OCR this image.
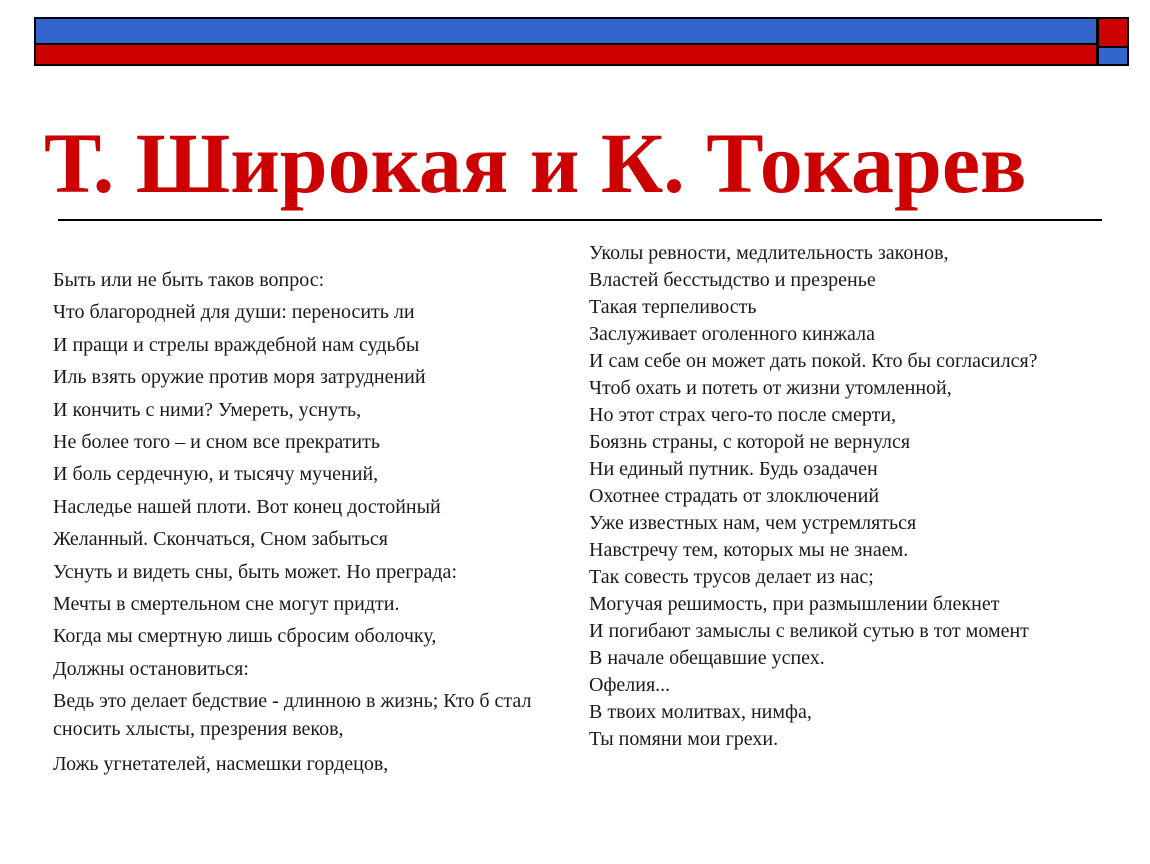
Т. Широкая и К. Токарев
Быть или не быть таков вопрос:
Что благородней для души: переносить ли
И пращи и стрелы враждебной нам судьбы
Иль взять оружие против моря затруднений
И кончить с ними? Умереть, уснуть,
Не более того – и сном все прекратить
И боль сердечную, и тысячу мучений,
Наследье нашей плоти. Вот конец достойный
Желанный. Скончаться, Сном забыться
Уснуть и видеть сны, быть может. Но преграда:
Мечты в смертельном сне могут придти.
Когда мы смертную лишь сбросим оболочку,
Должны остановиться:
Ведь это делает бедствие - длинною в жизнь; Кто б стал сносить хлысты, презрения веков,
Ложь угнетателей, насмешки гордецов,
Уколы ревности, медлительность законов,
Властей бесстыдство и презренье
Такая терпеливость
Заслуживает оголенного кинжала
И сам себе он может дать покой. Кто бы согласился?
Чтоб охать и потеть от жизни утомленной,
Но этот страх чего-то после смерти,
Боязнь страны, с которой не вернулся
Ни единый путник. Будь озадачен
Охотнее страдать от злоключений
Уже известных нам, чем устремляться
Навстречу тем, которых мы не знаем.
Так совесть трусов делает из нас;
Могучая решимость, при размышлении блекнет
И погибают замыслы с великой сутью в тот момент
В начале обещавшие успех.
Офелия...
В твоих молитвах, нимфа,
Ты помяни мои грехи.
